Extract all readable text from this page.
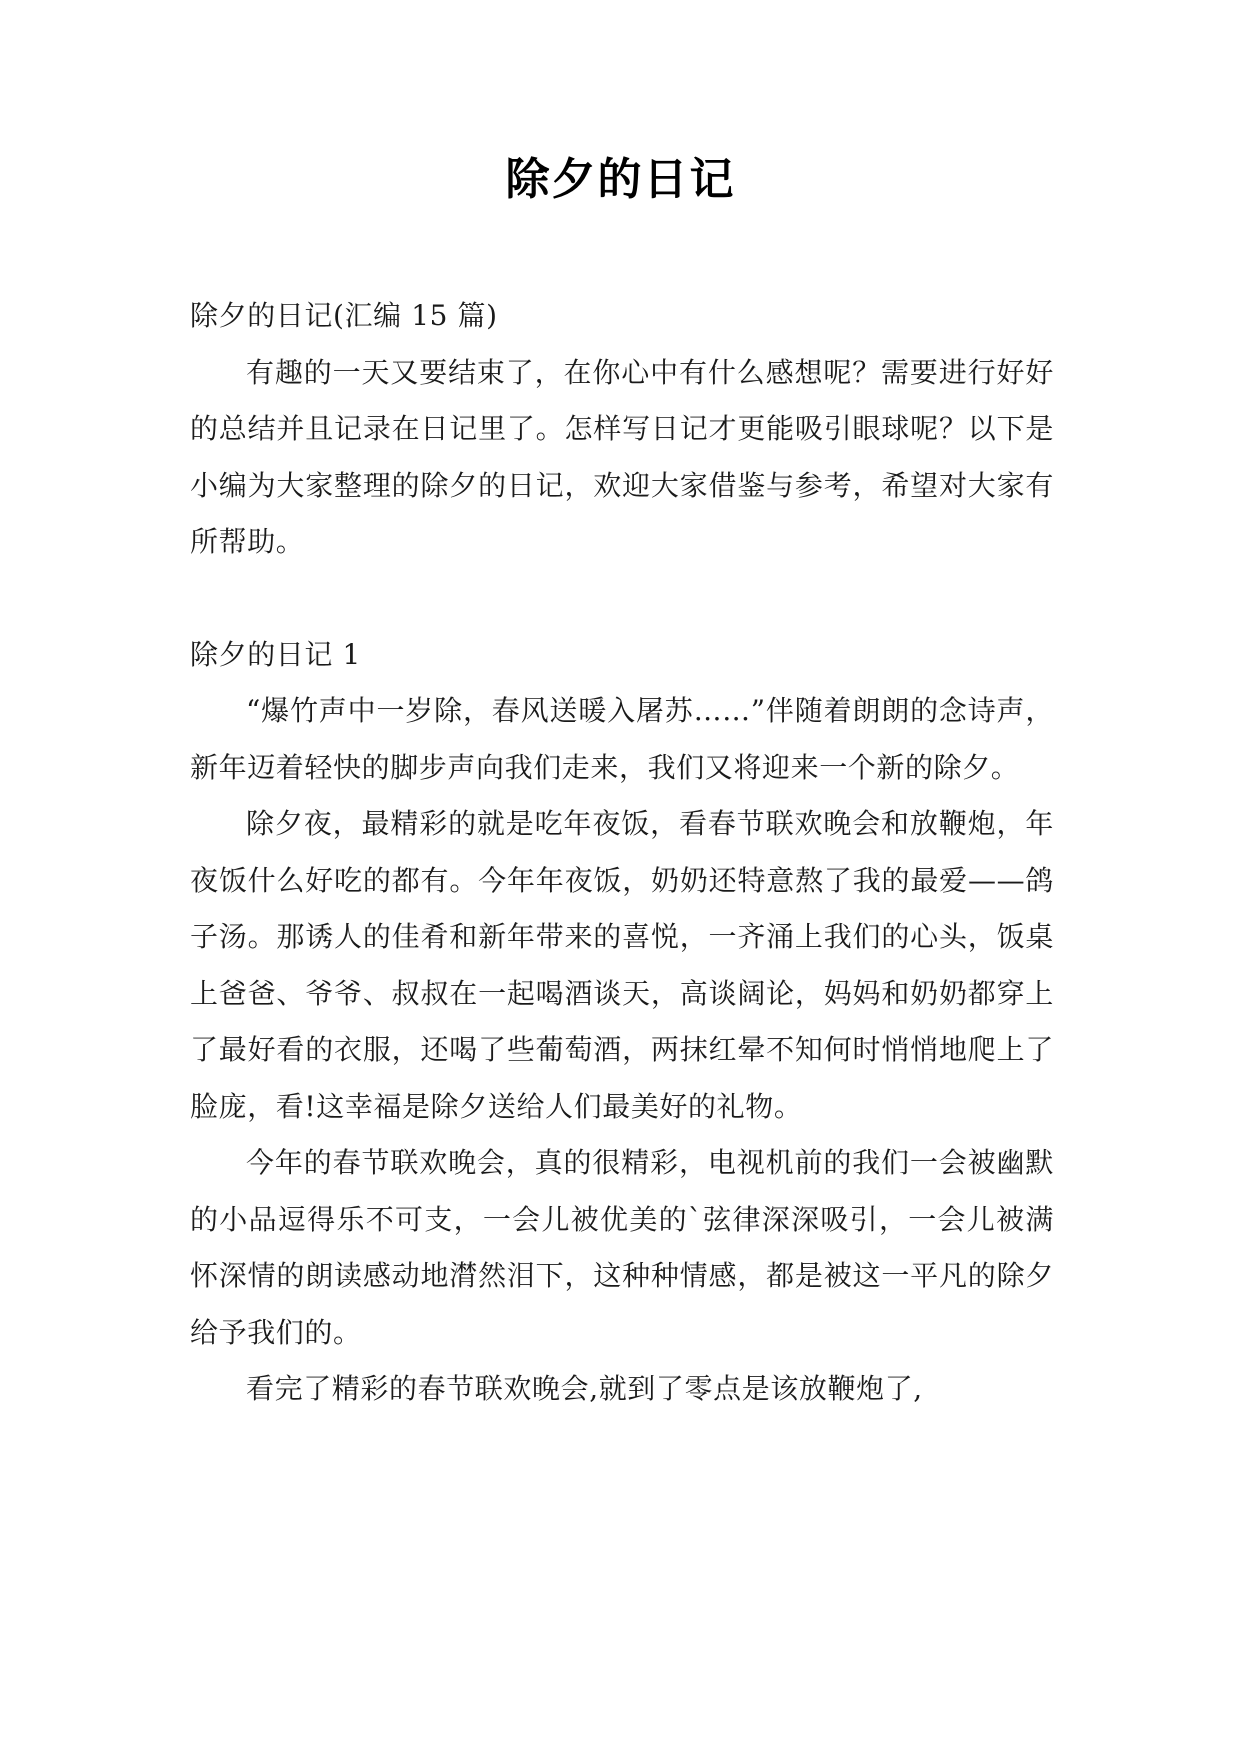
除夕的日记

除夕的日记(汇编 15 篇)

有趣的一天又要结束了，在你心中有什么感想呢？需要进行好好的总结并且记录在日记里了。怎样写日记才更能吸引眼球呢？以下是小编为大家整理的除夕的日记，欢迎大家借鉴与参考，希望对大家有所帮助。

除夕的日记 1

“爆竹声中一岁除，春风送暖入屠苏……”伴随着朗朗的念诗声，新年迈着轻快的脚步声向我们走来，我们又将迎来一个新的除夕。

除夕夜，最精彩的就是吃年夜饭，看春节联欢晚会和放鞭炮，年夜饭什么好吃的都有。今年年夜饭，奶奶还特意熬了我的最爱——鸽子汤。那诱人的佳肴和新年带来的喜悦，一齐涌上我们的心头，饭桌上爸爸、爷爷、叔叔在一起喝酒谈天，高谈阔论，妈妈和奶奶都穿上了最好看的衣服，还喝了些葡萄酒，两抹红晕不知何时悄悄地爬上了脸庞，看!这幸福是除夕送给人们最美好的礼物。

今年的春节联欢晚会，真的很精彩，电视机前的我们一会被幽默的小品逗得乐不可支，一会儿被优美的`弦律深深吸引，一会儿被满怀深情的朗读感动地潸然泪下，这种种情感，都是被这一平凡的除夕给予我们的。

看完了精彩的春节联欢晚会,就到了零点是该放鞭炮了,
